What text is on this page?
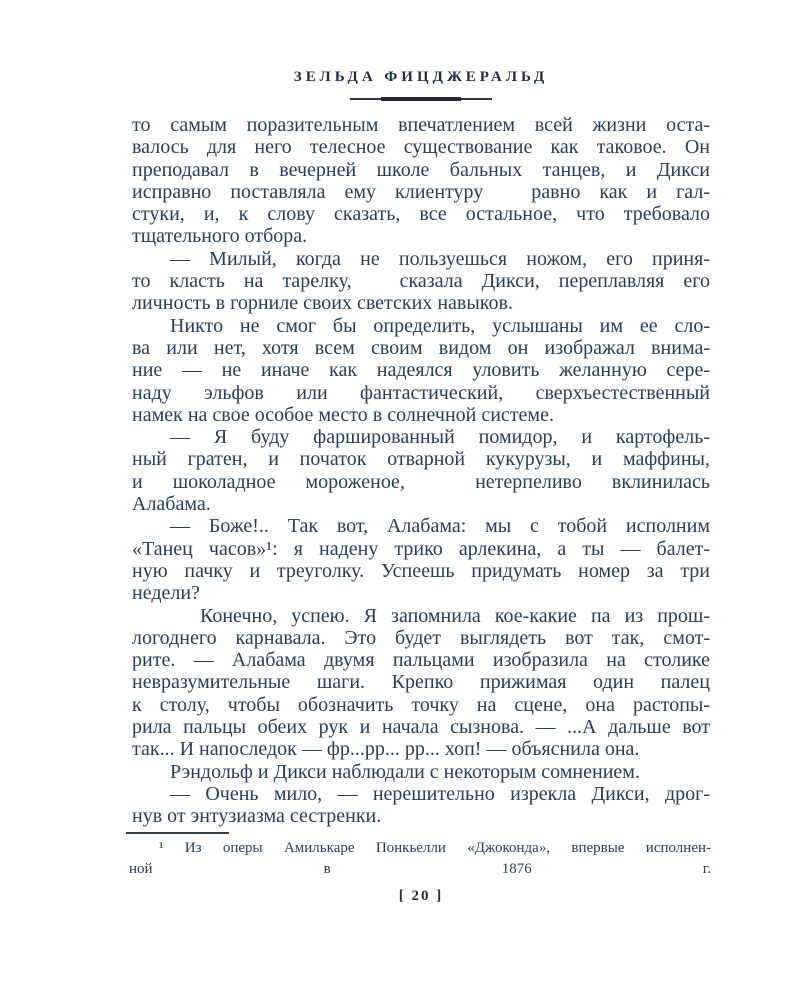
ЗЕЛЬДА ФИЦДЖЕРАЛЬД
то самым поразительным впечатлением всей жизни оста-
валось для него телесное существование как таковое. Он
преподавал в вечерней школе бальных танцев, и Дикси
исправно поставляла ему клиентуру   равно как и гал-
стуки, и, к слову сказать, все остальное, что требовало
тщательного отбора.
— Милый, когда не пользуешься ножом, его приня-
то класть на тарелку,   сказала Дикси, переплавляя его
личность в горниле своих светских навыков.
Никто не смог бы определить, услышаны им ее сло-
ва или нет, хотя всем своим видом он изображал внима-
ние — не иначе как надеялся уловить желанную сере-
наду эльфов или фантастический, сверхъестественный
намек на свое особое место в солнечной системе.
— Я буду фаршированный помидор, и картофель-
ный гратен, и початок отварной кукурузы, и маффины,
и шоколадное мороженое,   нетерпеливо вклинилась
Алабама.
— Боже!.. Так вот, Алабама: мы с тобой исполним
«Танец часов»¹: я надену трико арлекина, а ты — балет-
ную пачку и треуголку. Успеешь придумать номер за три
недели?
  Конечно, успею. Я запомнила кое-какие па из прош-
логоднего карнавала. Это будет выглядеть вот так, смот-
рите. — Алабама двумя пальцами изобразила на столике
невразумительные шаги. Крепко прижимая один палец
к столу, чтобы обозначить точку на сцене, она растопы-
рила пальцы обеих рук и начала сызнова. — ...А дальше вот
так... И напоследок — фр...рр... рр... хоп! — объяснила она.
Рэндольф и Дикси наблюдали с некоторым сомнением.
— Очень мило, — нерешительно изрекла Дикси, дрог-
нув от энтузиазма сестренки.
¹ Из оперы Амилькаре Понкьелли «Джоконда», впервые исполнен-
ной в 1876 г.
[ 20 ]
